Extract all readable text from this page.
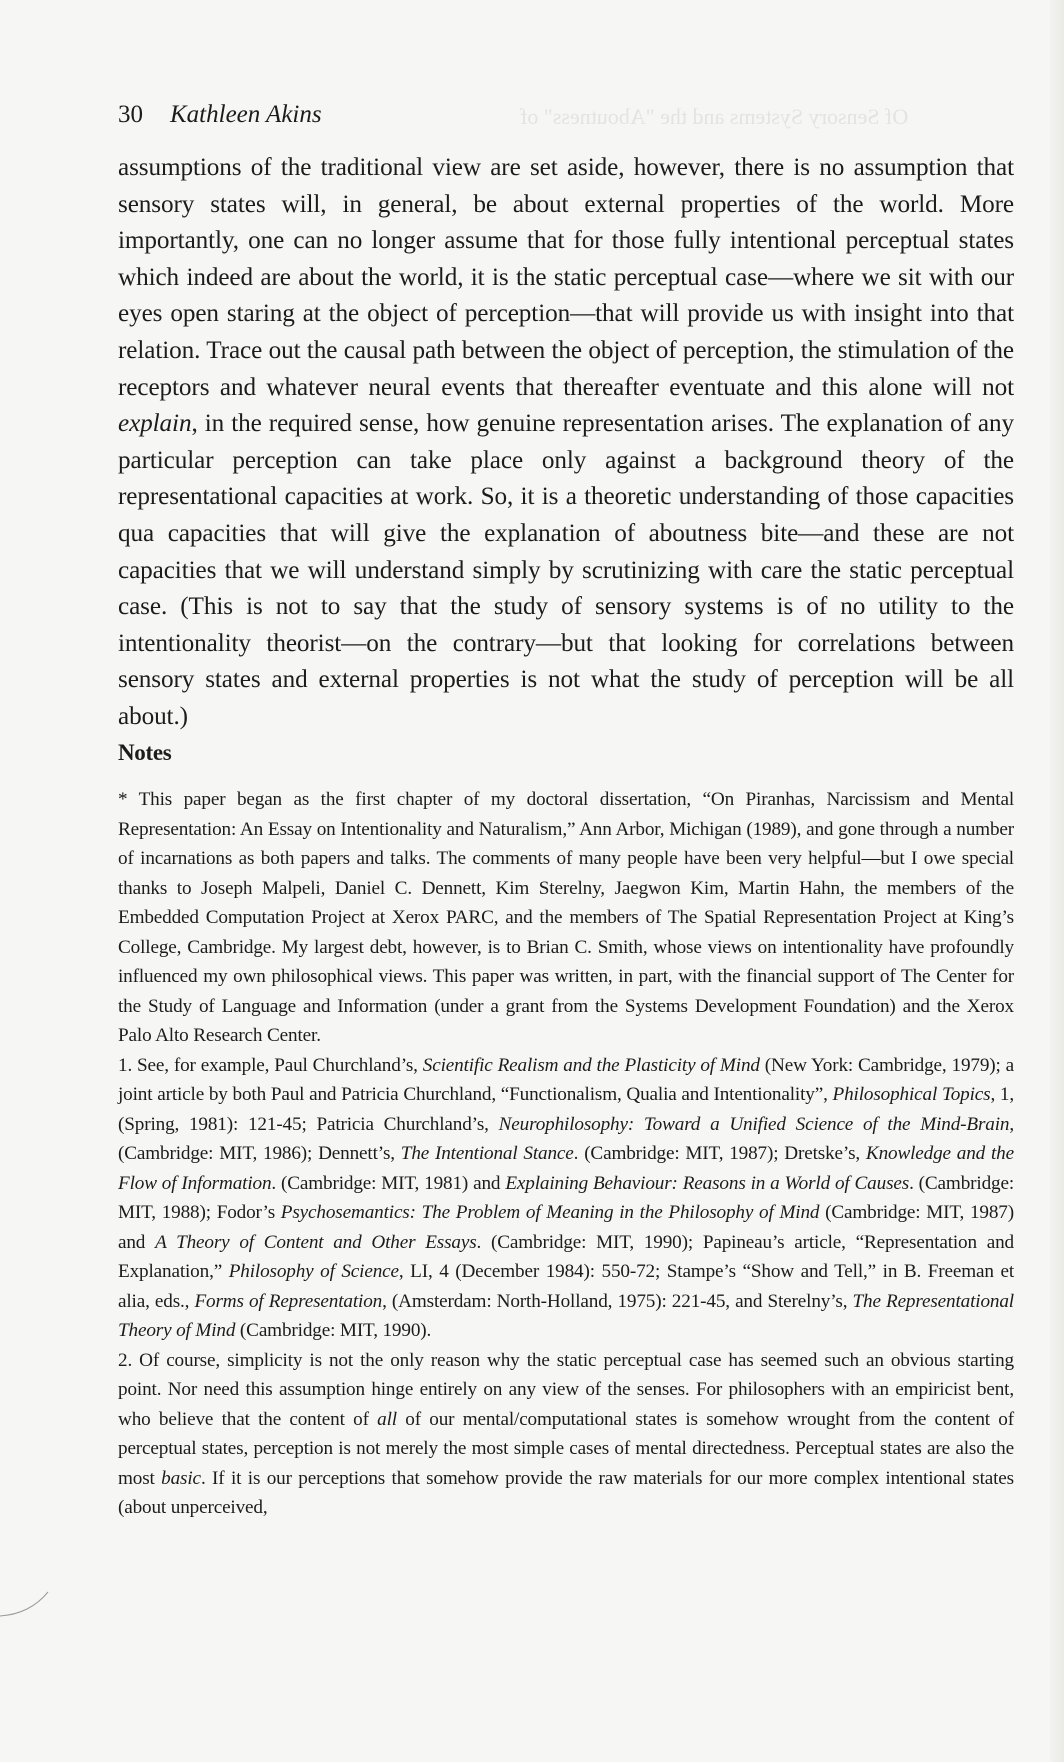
30 Kathleen Akins	Of Sensory Systems and the "Aboutness" of

assumptions of the traditional view are set aside, however, there is no assumption that sensory states will, in general, be about external properties of the world. More importantly, one can no longer assume that for those fully intentional perceptual states which indeed are about the world, it is the static perceptual case—where we sit with our eyes open staring at the object of perception—that will provide us with insight into that relation. Trace out the causal path between the object of perception, the stimulation of the receptors and whatever neural events that thereafter eventuate and this alone will not explain, in the required sense, how genuine representation arises. The explanation of any particular perception can take place only against a background theory of the representational capacities at work. So, it is a theoretic understanding of those capacities qua capacities that will give the explanation of aboutness bite—and these are not capacities that we will understand simply by scrutinizing with care the static perceptual case. (This is not to say that the study of sensory systems is of no utility to the intentionality theorist—on the contrary—but that looking for correlations between sensory states and external properties is not what the study of perception will be all about.)

Notes

* This paper began as the first chapter of my doctoral dissertation, “On Piranhas, Narcissism and Mental Representation: An Essay on Intentionality and Naturalism,” Ann Arbor, Michigan (1989), and gone through a number of incarnations as both papers and talks. The comments of many people have been very helpful—but I owe special thanks to Joseph Malpeli, Daniel C. Dennett, Kim Sterelny, Jaegwon Kim, Martin Hahn, the members of the Embedded Computation Project at Xerox PARC, and the members of The Spatial Representation Project at King’s College, Cambridge. My largest debt, however, is to Brian C. Smith, whose views on intentionality have profoundly influenced my own philosophical views. This paper was written, in part, with the financial support of The Center for the Study of Language and Information (under a grant from the Systems Development Foundation) and the Xerox Palo Alto Research Center.

1. See, for example, Paul Churchland’s, Scientific Realism and the Plasticity of Mind (New York: Cambridge, 1979); a joint article by both Paul and Patricia Churchland, “Functionalism, Qualia and Intentionality”, Philosophical Topics, 1, (Spring, 1981): 121-45; Patricia Churchland’s, Neurophilosophy: Toward a Unified Science of the Mind-Brain, (Cambridge: MIT, 1986); Dennett’s, The Intentional Stance. (Cambridge: MIT, 1987); Dretske’s, Knowledge and the Flow of Information. (Cambridge: MIT, 1981) and Explaining Behaviour: Reasons in a World of Causes. (Cambridge: MIT, 1988); Fodor’s Psychosemantics: The Problem of Meaning in the Philosophy of Mind (Cambridge: MIT, 1987) and A Theory of Content and Other Essays. (Cambridge: MIT, 1990); Papineau’s article, “Representation and Explanation,” Philosophy of Science, LI, 4 (December 1984): 550-72; Stampe’s “Show and Tell,” in B. Freeman et alia, eds., Forms of Representation, (Amsterdam: North-Holland, 1975): 221-45, and Sterelny’s, The Representational Theory of Mind (Cambridge: MIT, 1990).

2. Of course, simplicity is not the only reason why the static perceptual case has seemed such an obvious starting point. Nor need this assumption hinge entirely on any view of the senses. For philosophers with an empiricist bent, who believe that the content of all of our mental/computational states is somehow wrought from the content of perceptual states, perception is not merely the most simple cases of mental directedness. Perceptual states are also the most basic. If it is our perceptions that somehow provide the raw materials for our more complex intentional states (about unperceived,
